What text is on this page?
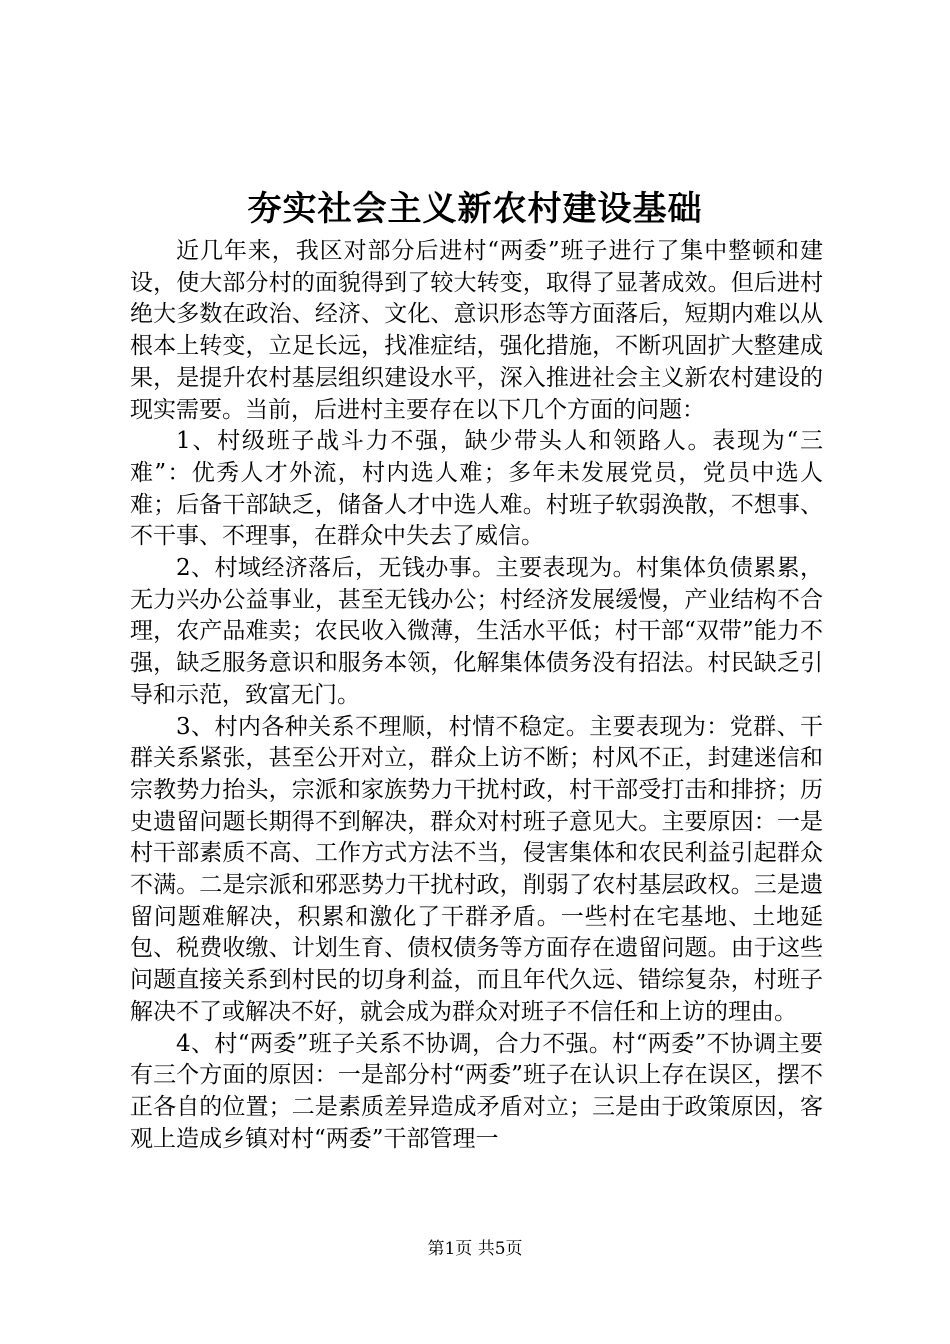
夯实社会主义新农村建设基础

近几年来，我区对部分后进村“两委”班子进行了集中整顿和建设，使大部分村的面貌得到了较大转变，取得了显著成效。但后进村绝大多数在政治、经济、文化、意识形态等方面落后，短期内难以从根本上转变，立足长远，找准症结，强化措施，不断巩固扩大整建成果，是提升农村基层组织建设水平，深入推进社会主义新农村建设的现实需要。当前，后进村主要存在以下几个方面的问题：

1、村级班子战斗力不强，缺少带头人和领路人。表现为“三难”：优秀人才外流，村内选人难；多年未发展党员，党员中选人难；后备干部缺乏，储备人才中选人难。村班子软弱涣散，不想事、不干事、不理事，在群众中失去了威信。

2、村域经济落后，无钱办事。主要表现为。村集体负债累累，无力兴办公益事业，甚至无钱办公；村经济发展缓慢，产业结构不合理，农产品难卖；农民收入微薄，生活水平低；村干部“双带”能力不强，缺乏服务意识和服务本领，化解集体债务没有招法。村民缺乏引导和示范，致富无门。

3、村内各种关系不理顺，村情不稳定。主要表现为：党群、干群关系紧张，甚至公开对立，群众上访不断；村风不正，封建迷信和宗教势力抬头，宗派和家族势力干扰村政，村干部受打击和排挤；历史遗留问题长期得不到解决，群众对村班子意见大。主要原因：一是村干部素质不高、工作方式方法不当，侵害集体和农民利益引起群众不满。二是宗派和邪恶势力干扰村政，削弱了农村基层政权。三是遗留问题难解决，积累和激化了干群矛盾。一些村在宅基地、土地延包、税费收缴、计划生育、债权债务等方面存在遗留问题。由于这些问题直接关系到村民的切身利益，而且年代久远、错综复杂，村班子解决不了或解决不好，就会成为群众对班子不信任和上访的理由。

4、村“两委”班子关系不协调，合力不强。村“两委”不协调主要有三个方面的原因：一是部分村“两委”班子在认识上存在误区，摆不正各自的位置；二是素质差异造成矛盾对立；三是由于政策原因，客观上造成乡镇对村“两委”干部管理一

第1页 共5页
